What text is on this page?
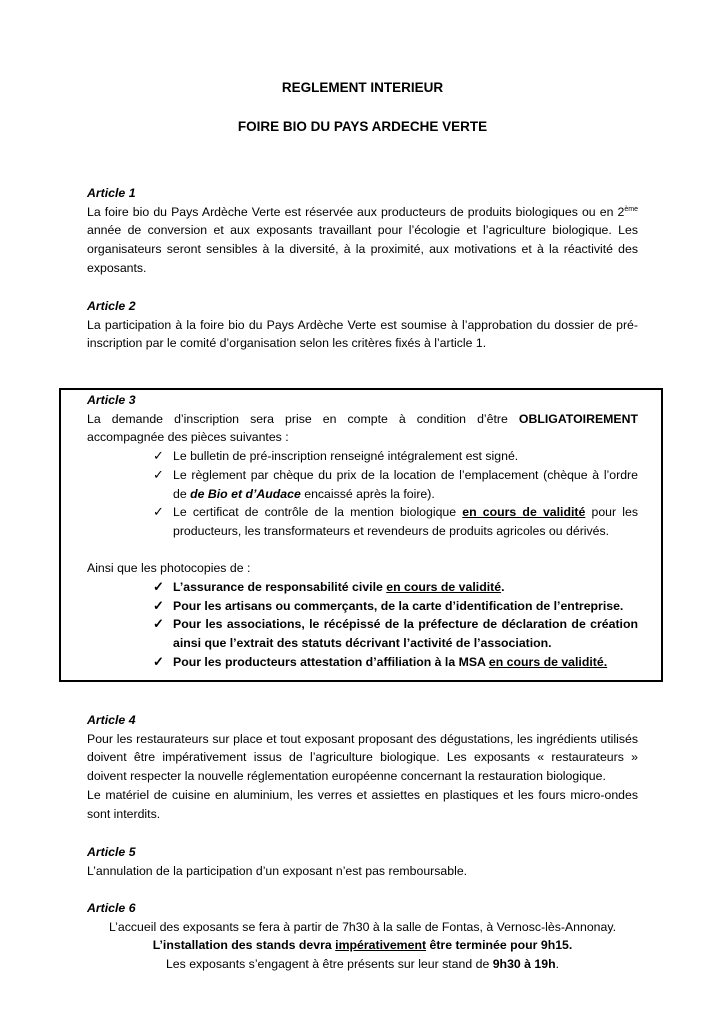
REGLEMENT INTERIEUR
FOIRE BIO DU PAYS ARDECHE VERTE

Article 1

La foire bio du Pays Ardèche Verte est réservée aux producteurs de produits biologiques ou en 2ème année de conversion et aux exposants travaillant pour l’écologie et l’agriculture biologique. Les organisateurs seront sensibles à la diversité, à la proximité, aux motivations et à la réactivité des exposants.

Article 2

La participation à la foire bio du Pays Ardèche Verte est soumise à l’approbation du dossier de pré-inscription par le comité d’organisation selon les critères fixés à l’article 1.

Article 3

La demande d’inscription sera prise en compte à condition d’être OBLIGATOIREMENT accompagnée des pièces suivantes :

✓ Le bulletin de pré-inscription renseigné intégralement est signé.
✓ Le règlement par chèque du prix de la location de l’emplacement (chèque à l’ordre de de Bio et d’Audace encaissé après la foire).
✓ Le certificat de contrôle de la mention biologique en cours de validité pour les producteurs, les transformateurs et revendeurs de produits agricoles ou dérivés.

Ainsi que les photocopies de :

✓ L’assurance de responsabilité civile en cours de validité.
✓ Pour les artisans ou commerçants, de la carte d’identification de l’entreprise.
✓ Pour les associations, le récépissé de la préfecture de déclaration de création ainsi que l’extrait des statuts décrivant l’activité de l’association.
✓ Pour les producteurs attestation d’affiliation à la MSA en cours de validité.

Article 4

Pour les restaurateurs sur place et tout exposant proposant des dégustations, les ingrédients utilisés doivent être impérativement issus de l’agriculture biologique. Les exposants « restaurateurs » doivent respecter la nouvelle réglementation européenne concernant la restauration biologique.

Le matériel de cuisine en aluminium, les verres et assiettes en plastiques et les fours micro-ondes sont interdits.

Article 5

L’annulation de la participation d’un exposant n’est pas remboursable.

Article 6

L’accueil des exposants se fera à partir de 7h30 à la salle de Fontas, à Vernosc-lès-Annonay.

L’installation des stands devra impérativement être terminée pour 9h15.

Les exposants s’engagent à être présents sur leur stand de 9h30 à 19h.
